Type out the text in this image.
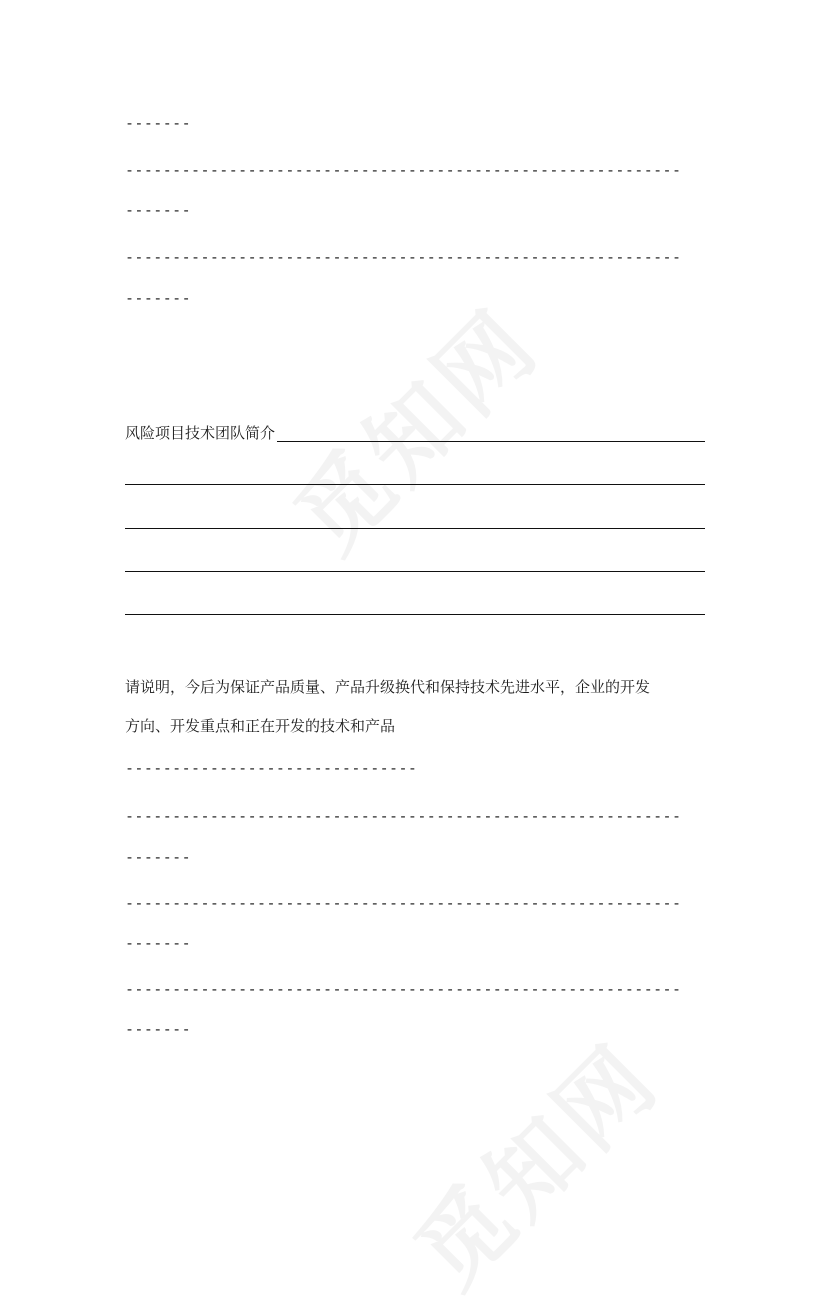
-------
-----------------------------------------------------------
-------
-----------------------------------------------------------
-------
风险项目技术团队简介
请说明，今后为保证产品质量、产品升级换代和保持技术先进水平，企业的开发
方向、开发重点和正在开发的技术和产品
-------------------------------
-----------------------------------------------------------
-------
-----------------------------------------------------------
-------
-----------------------------------------------------------
-------
